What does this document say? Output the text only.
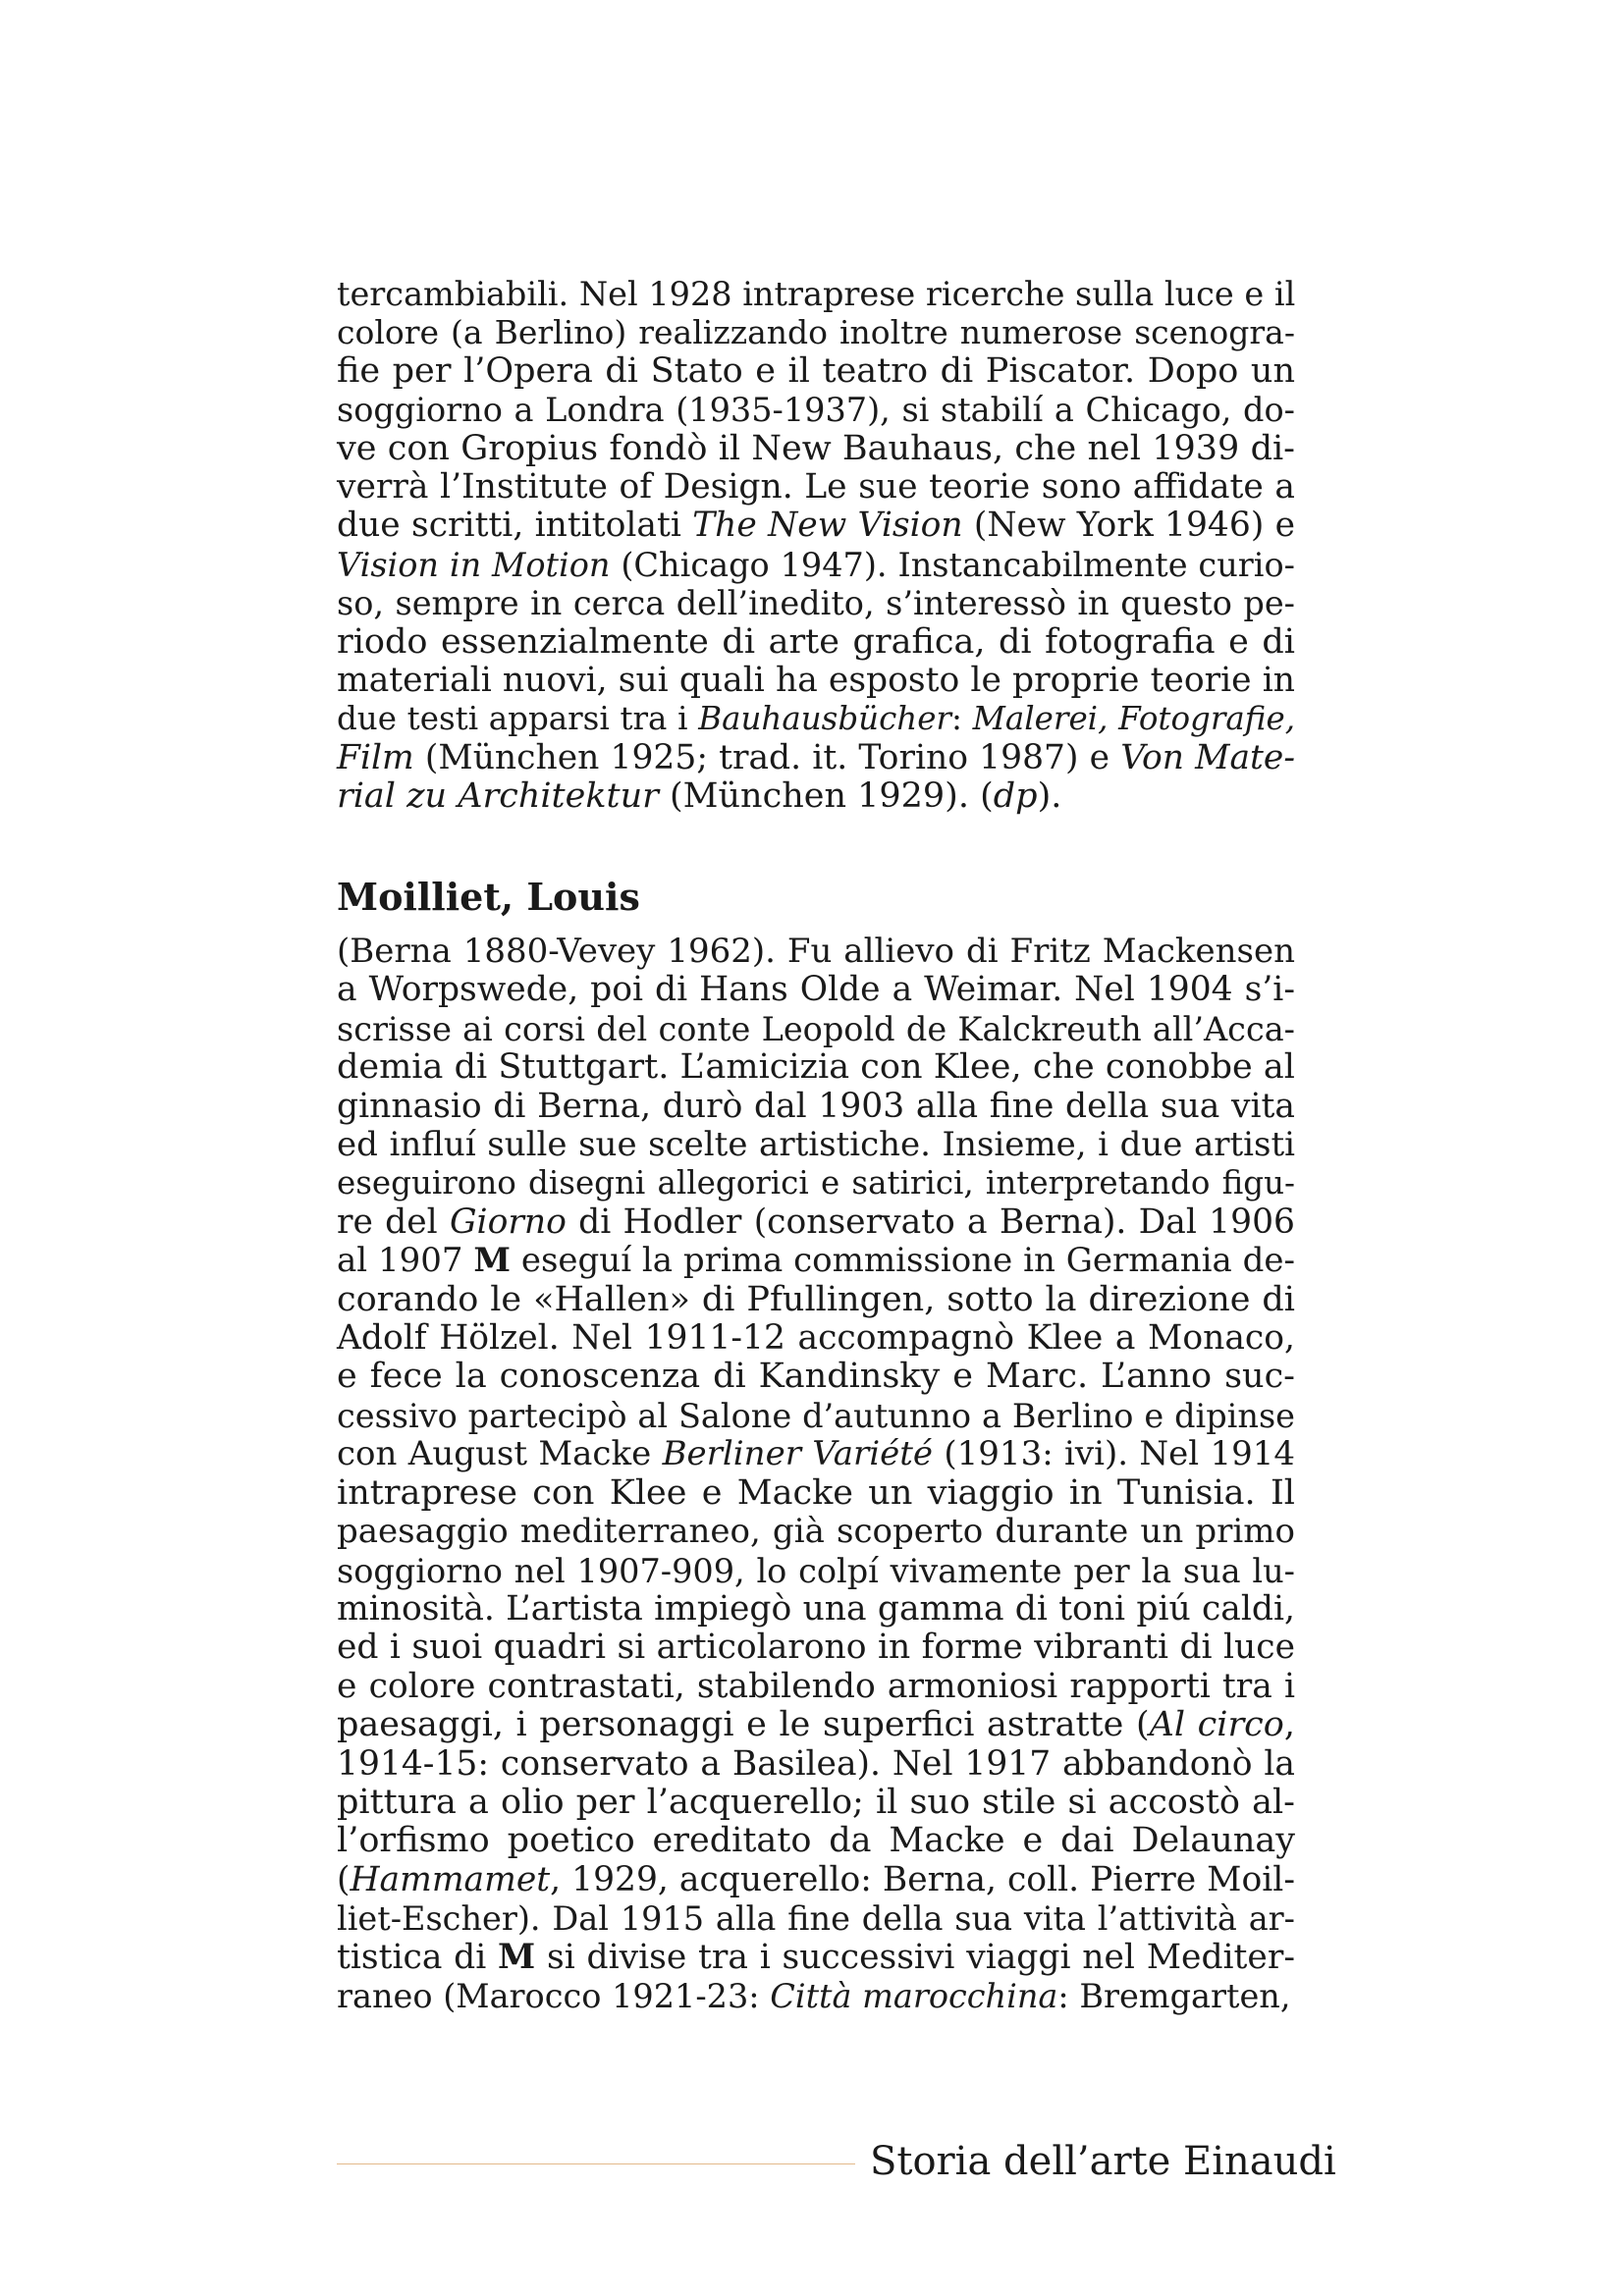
tercambiabili. Nel 1928 intraprese ricerche sulla luce e il
colore (a Berlino) realizzando inoltre numerose scenogra-
fie per l’Opera di Stato e il teatro di Piscator. Dopo un
soggiorno a Londra (1935-1937), si stabilí a Chicago, do-
ve con Gropius fondò il New Bauhaus, che nel 1939 di-
verrà l’Institute of Design. Le sue teorie sono affidate a
due scritti, intitolati The New Vision (New York 1946) e
Vision in Motion (Chicago 1947). Instancabilmente curio-
so, sempre in cerca dell’inedito, s’interessò in questo pe-
riodo essenzialmente di arte grafica, di fotografia e di
materiali nuovi, sui quali ha esposto le proprie teorie in
due testi apparsi tra i Bauhausbücher: Malerei, Fotografie,
Film (München 1925; trad. it. Torino 1987) e Von Mate-
rial zu Architektur (München 1929). (dp).
Moilliet, Louis
(Berna 1880-Vevey 1962). Fu allievo di Fritz Mackensen
a Worpswede, poi di Hans Olde a Weimar. Nel 1904 s’i-
scrisse ai corsi del conte Leopold de Kalckreuth all’Acca-
demia di Stuttgart. L’amicizia con Klee, che conobbe al
ginnasio di Berna, durò dal 1903 alla fine della sua vita
ed influí sulle sue scelte artistiche. Insieme, i due artisti
eseguirono disegni allegorici e satirici, interpretando figu-
re del Giorno di Hodler (conservato a Berna). Dal 1906
al 1907 M eseguí la prima commissione in Germania de-
corando le «Hallen» di Pfullingen, sotto la direzione di
Adolf Hölzel. Nel 1911-12 accompagnò Klee a Monaco,
e fece la conoscenza di Kandinsky e Marc. L’anno suc-
cessivo partecipò al Salone d’autunno a Berlino e dipinse
con August Macke Berliner Variété (1913: ivi). Nel 1914
intraprese con Klee e Macke un viaggio in Tunisia. Il
paesaggio mediterraneo, già scoperto durante un primo
soggiorno nel 1907-909, lo colpí vivamente per la sua lu-
minosità. L’artista impiegò una gamma di toni piú caldi,
ed i suoi quadri si articolarono in forme vibranti di luce
e colore contrastati, stabilendo armoniosi rapporti tra i
paesaggi, i personaggi e le superfici astratte (Al circo,
1914-15: conservato a Basilea). Nel 1917 abbandonò la
pittura a olio per l’acquerello; il suo stile si accostò al-
l’orfismo poetico ereditato da Macke e dai Delaunay
(Hammamet, 1929, acquerello: Berna, coll. Pierre Moil-
liet-Escher). Dal 1915 alla fine della sua vita l’attività ar-
tistica di M si divise tra i successivi viaggi nel Mediter-
raneo (Marocco 1921-23: Città marocchina: Bremgarten,
Storia dell’arte Einaudi
